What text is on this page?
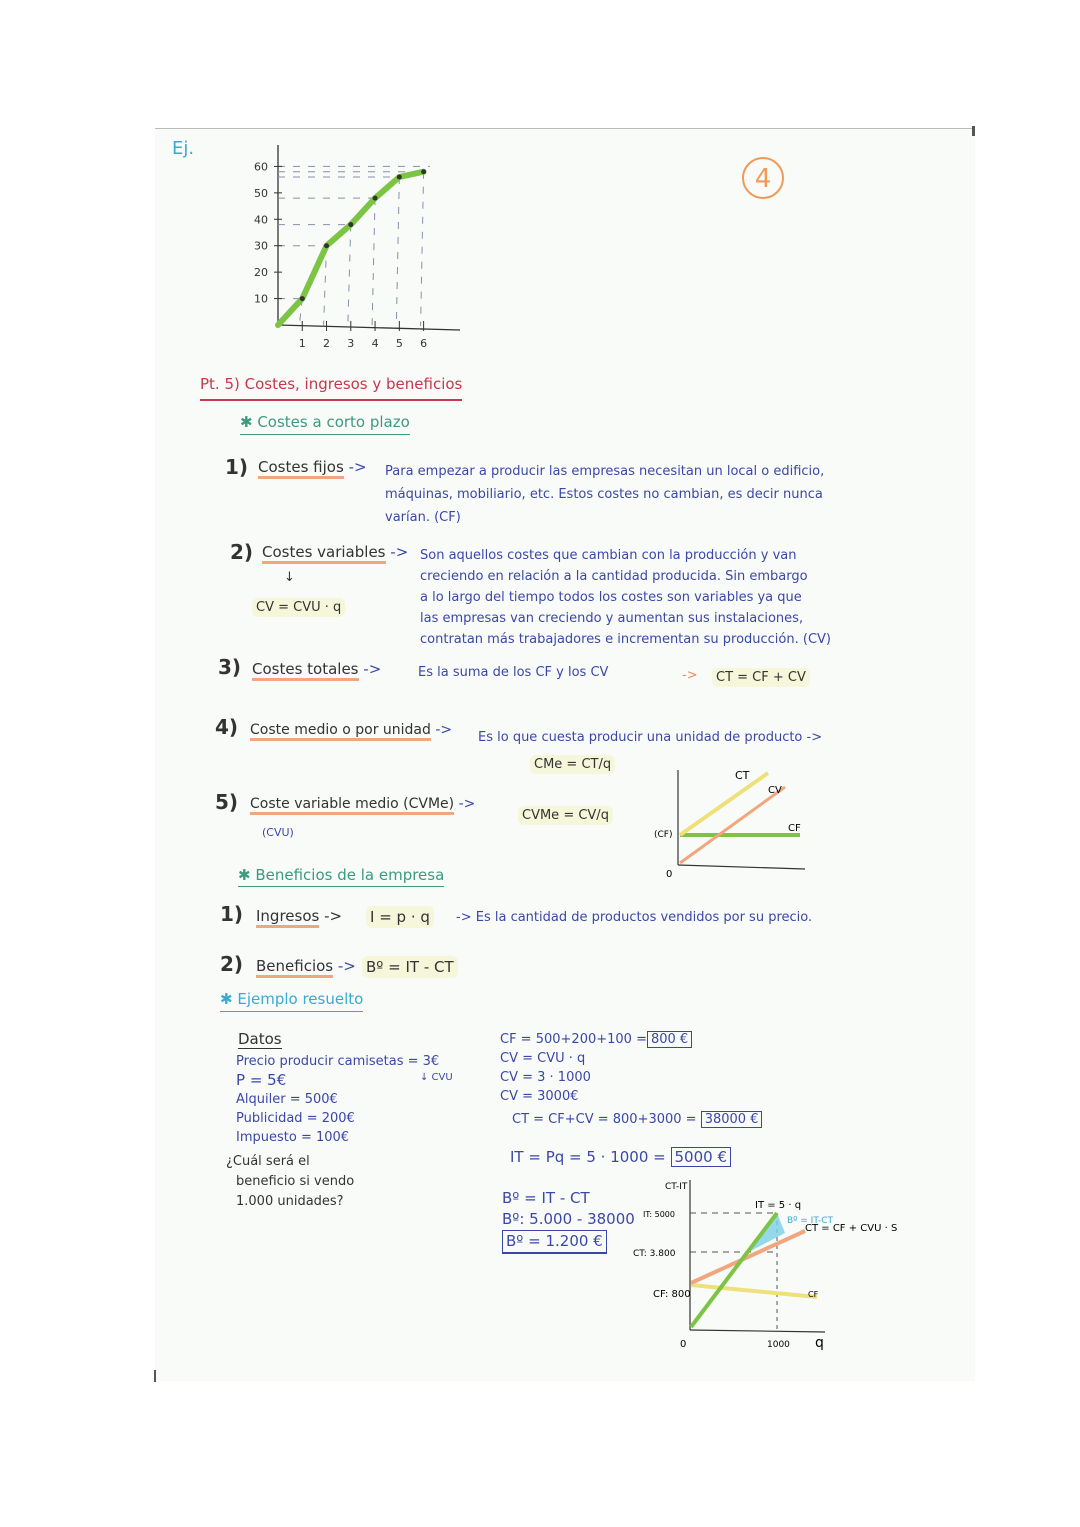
Ej.
4
10
20
30
40
50
60
1 2 3 4 5 6
Pt. 5) Costes, ingresos y beneficios
✱ Costes a corto plazo
1) Costes fijos -> Para empezar a producir las empresas necesitan un local o edificio,
máquinas, mobiliario, etc. Estos costes no cambian, es decir nunca
varían. (CF)
2) Costes variables ->
↓
CV = CVU · q
Son aquellos costes que cambian con la producción y van
creciendo en relación a la cantidad producida. Sin embargo
a lo largo del tiempo todos los costes son variables ya que
las empresas van creciendo y aumentan sus instalaciones,
contratan más trabajadores e incrementan su producción. (CV)
3) Costes totales ->	Es la suma de los CF y los CV	->	CT = CF + CV
4) Coste medio o por unidad -> Es lo que cuesta producir una unidad de producto ->
CMe = CT/q
5) Coste variable medio (CVMe) ->
(CVU)
CVMe = CV/q
CT
CV
CF
(CF)
0
✱ Beneficios de la empresa
1) Ingresos -> I = p · q	-> Es la cantidad de productos vendidos por su precio.
2) Beneficios -> Bº = IT - CT
✱ Ejemplo resuelto
Datos
Precio producir camisetas = 3€
P = 5€
Alquiler = 500€
Publicidad = 200€
Impuesto = 100€
¿Cuál será el
beneficio si vendo
1.000 unidades?
↓ CVU
CF = 500+200+100 = 800 €
CV = CVU · q
CV = 3 · 1000
CV = 3000€
CT = CF+CV = 800+3000 = 38000 €
IT = Pq = 5 · 1000 = 5000 €
Bº = IT - CT
Bº: 5.000 - 38000
Bº = 1.200 €
CT-IT
IT: 5000
CT: 3.800
CF: 800
IT = 5 · q
Bº = IT-CT
CT = CF + CVU · S
CF
0	1000 q
